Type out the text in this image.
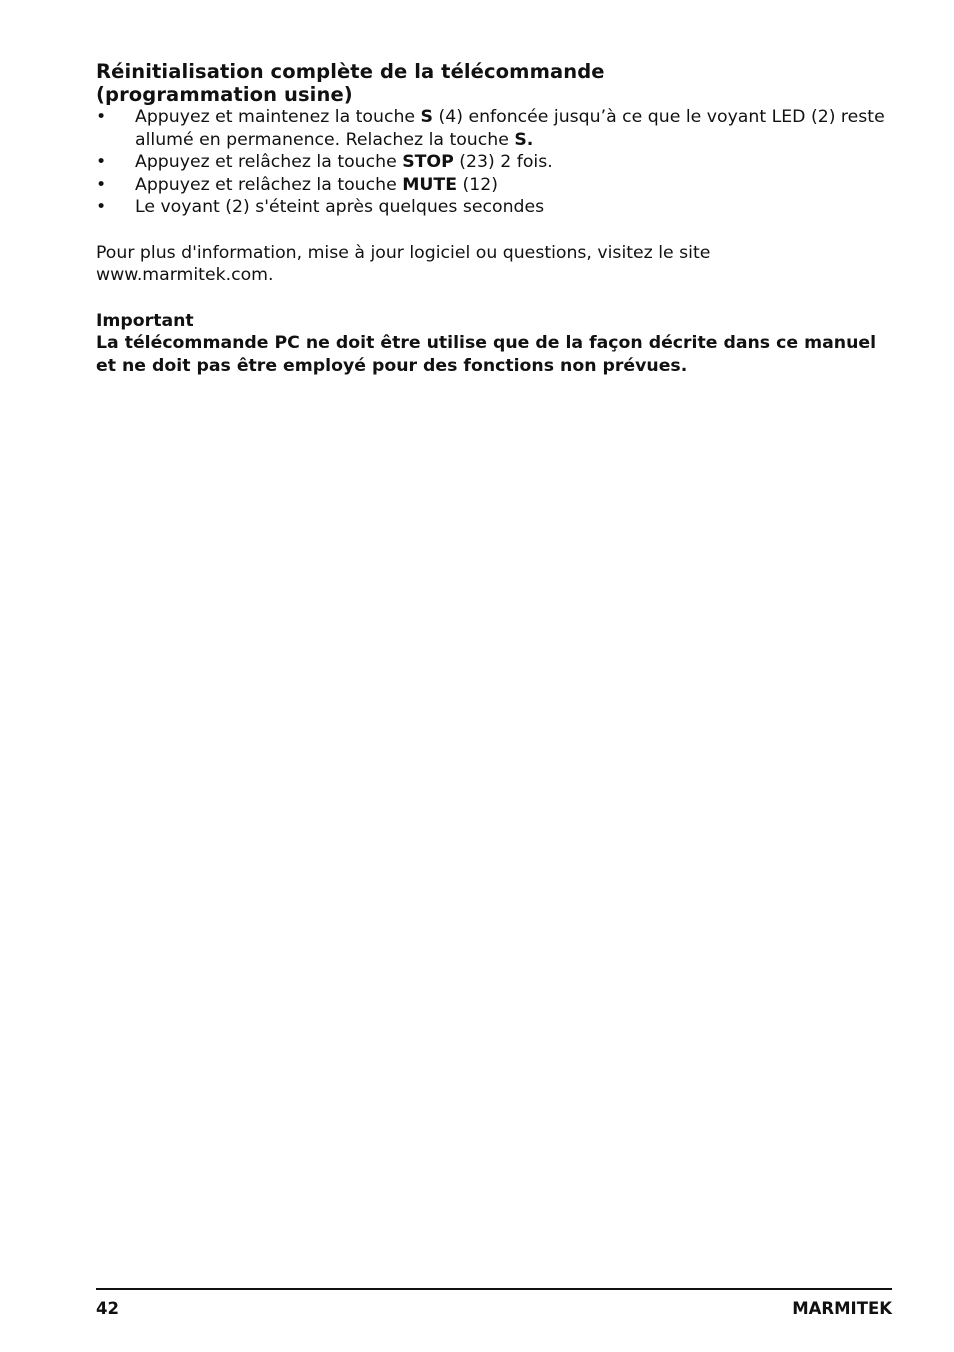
Réinitialisation complète de la télécommande
(programmation usine)
• Appuyez et maintenez la touche S (4) enfoncée jusqu’à ce que le voyant LED (2) reste allumé en permanence. Relachez la touche S.
• Appuyez et relâchez la touche STOP (23) 2 fois.
• Appuyez et relâchez la touche MUTE (12)
• Le voyant (2) s'éteint après quelques secondes

Pour plus d'information, mise à jour logiciel ou questions, visitez le site
www.marmitek.com.

Important
La télécommande PC ne doit être utilise que de la façon décrite dans ce manuel et ne doit pas être employé pour des fonctions non prévues.
42	MARMITEK
